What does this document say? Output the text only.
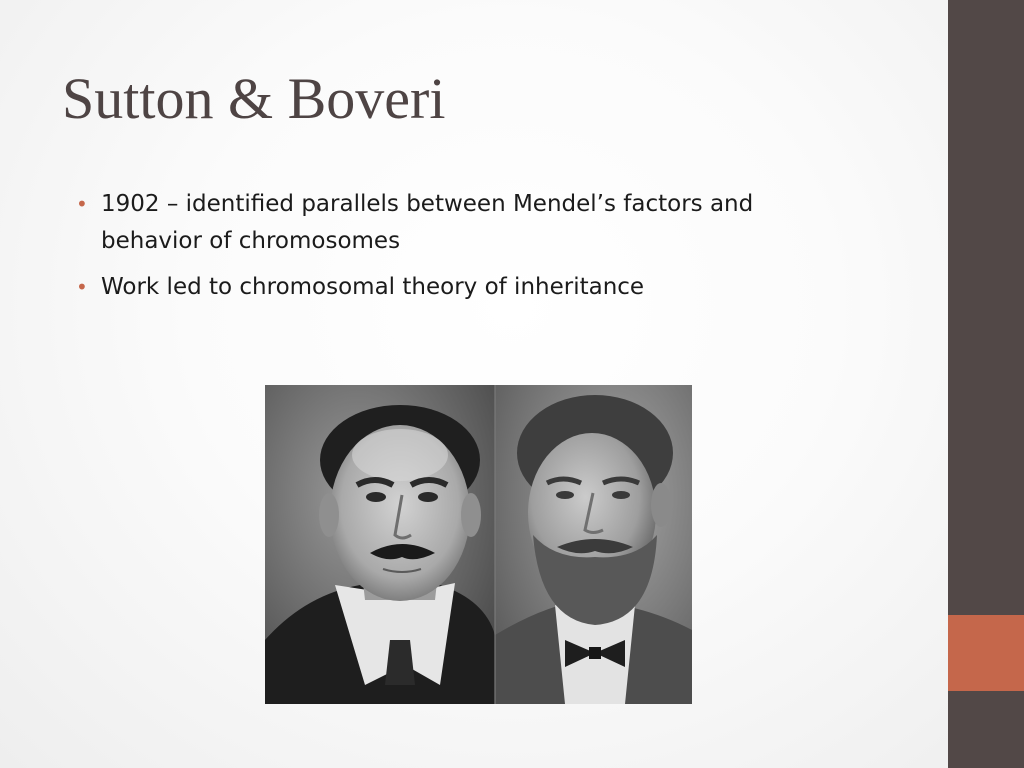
Sutton & Boveri
• 1902 – identified parallels between Mendel’s factors and behavior of chromosomes
• Work led to chromosomal theory of inheritance
